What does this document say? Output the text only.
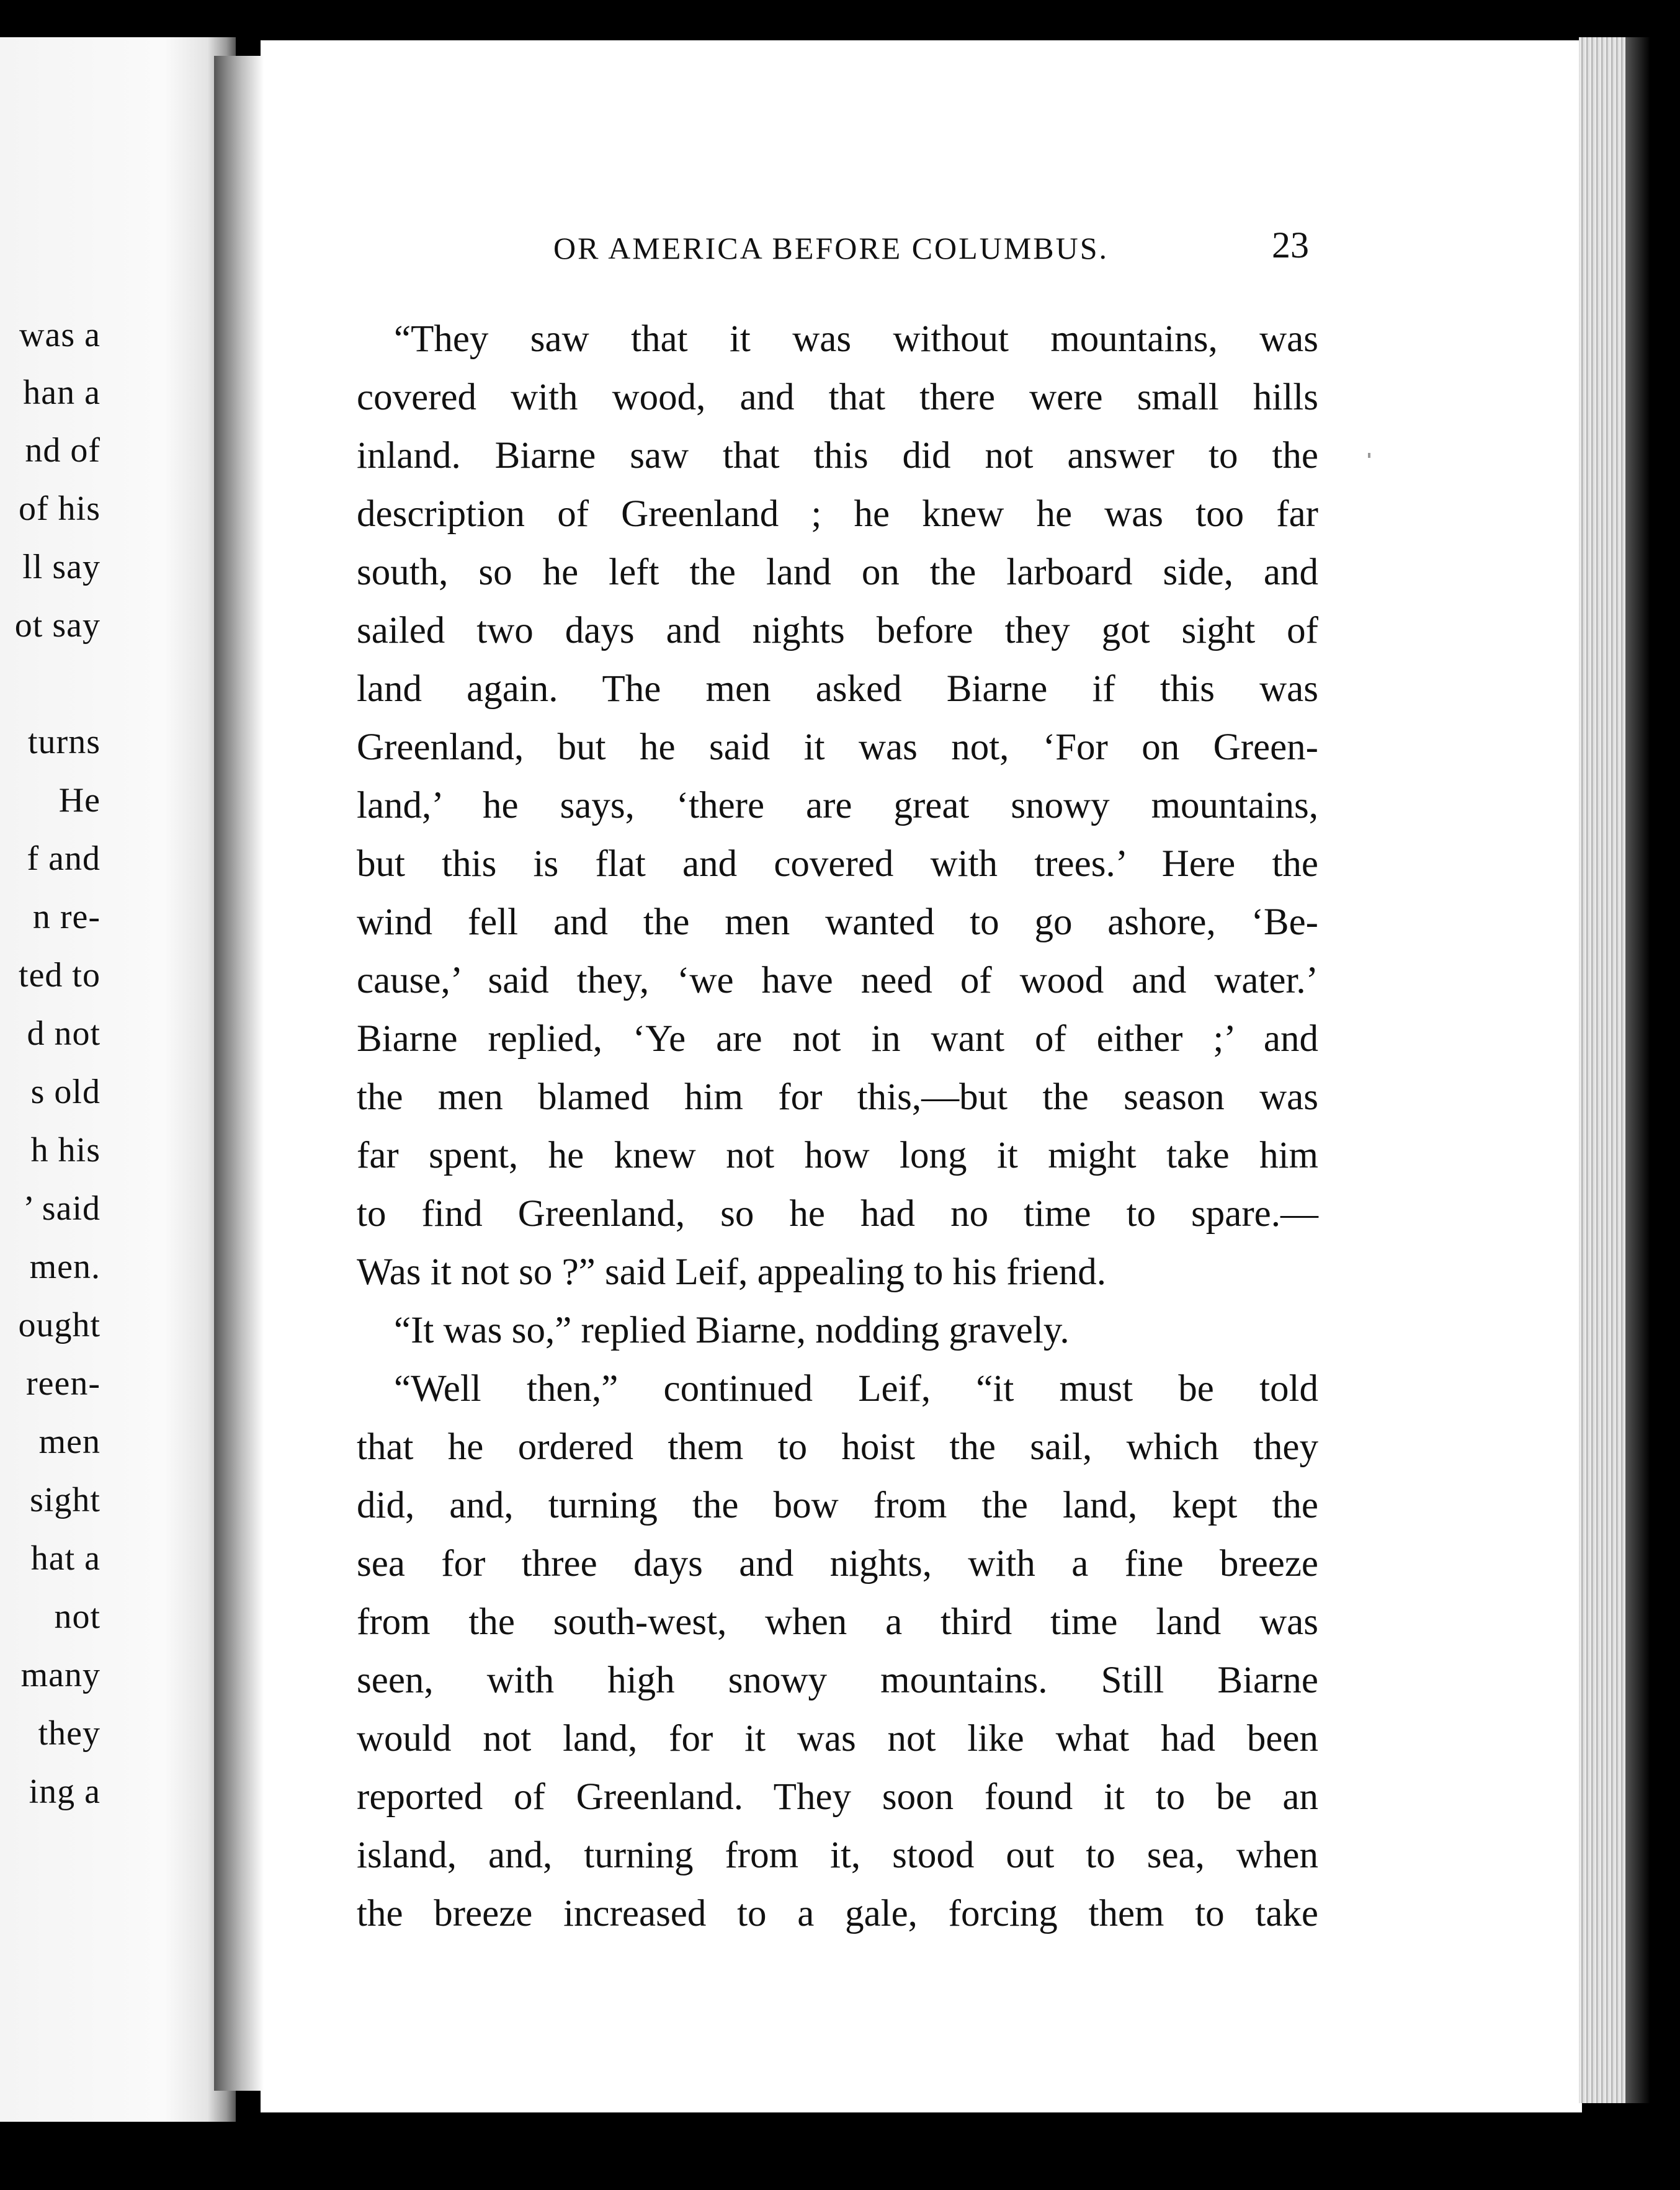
was a
han a
nd of
of his
ll say
ot say
turns
He
f and
n re-
ted to
d not
s old
h his
’ said
men.
ought
reen-
men
sight
hat a
not
many
they
ing a
OR AMERICA BEFORE COLUMBUS.	23
“They saw that it was without mountains, was
covered with wood, and that there were small hills
inland. Biarne saw that this did not answer to the
description of Greenland ; he knew he was too far
south, so he left the land on the larboard side, and
sailed two days and nights before they got sight of
land again. The men asked Biarne if this was
Greenland, but he said it was not, ‘For on Green-
land,’ he says, ‘there are great snowy mountains,
but this is flat and covered with trees.’ Here the
wind fell and the men wanted to go ashore, ‘Be-
cause,’ said they, ‘we have need of wood and water.’
Biarne replied, ‘Ye are not in want of either ;’ and
the men blamed him for this,—but the season was
far spent, he knew not how long it might take him
to find Greenland, so he had no time to spare.—
Was it not so ?” said Leif, appealing to his friend.
“It was so,” replied Biarne, nodding gravely.
“Well then,” continued Leif, “it must be told
that he ordered them to hoist the sail, which they
did, and, turning the bow from the land, kept the
sea for three days and nights, with a fine breeze
from the south-west, when a third time land was
seen, with high snowy mountains. Still Biarne
would not land, for it was not like what had been
reported of Greenland. They soon found it to be an
island, and, turning from it, stood out to sea, when
the breeze increased to a gale, forcing them to take
